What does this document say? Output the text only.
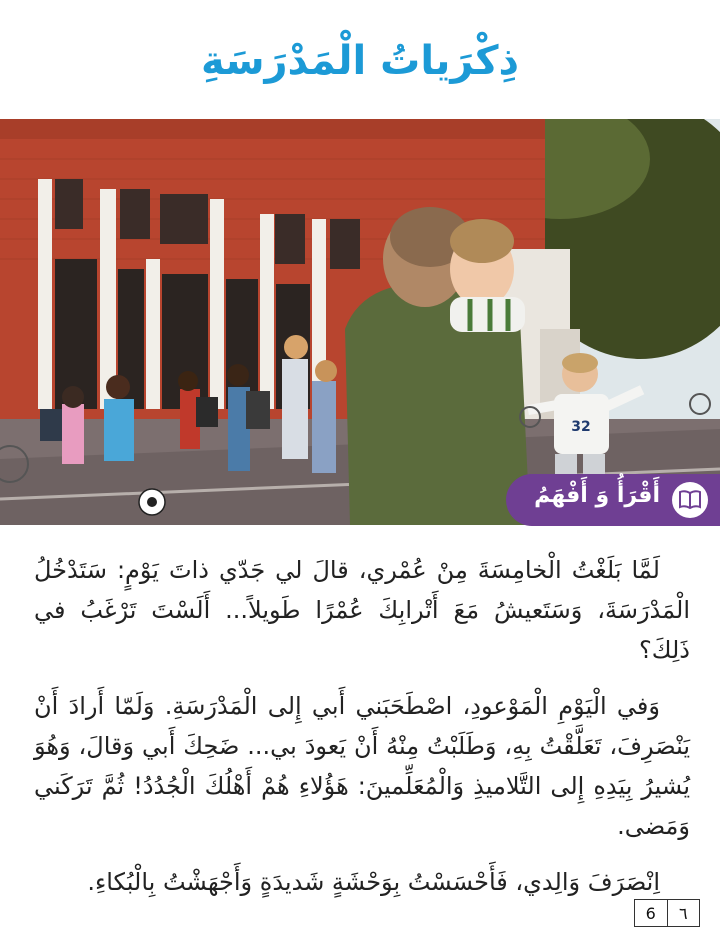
ذِكْرَياتُ الْمَدْرَسَةِ
32
أَقْرَأُ وَ أَفْهَمُ

لَمَّا بَلَغْتُ الْخامِسَةَ مِنْ عُمْري، قالَ لي جَدّي ذاتَ يَوْمٍ: سَتَدْخُلُ الْمَدْرَسَةَ، وَسَتَعيشُ مَعَ أَتْرابِكَ عُمْرًا طَويلاً... أَلَسْتَ تَرْغَبُ في ذَلِكَ؟

وَفي الْيَوْمِ الْمَوْعودِ، اصْطَحَبَني أَبي إِلى الْمَدْرَسَةِ. وَلَمّا أَرادَ أَنْ يَنْصَرِفَ، تَعَلَّقْتُ بِهِ، وَطَلَبْتُ مِنْهُ أَنْ يَعودَ بي... ضَحِكَ أَبي وَقالَ، وَهُوَ يُشيرُ بِيَدِهِ إِلى التَّلاميذِ وَالْمُعَلِّمينَ: هَؤُلاءِ هُمْ أَهْلُكَ الْجُدُدُ! ثُمَّ تَرَكَني وَمَضى.

اِنْصَرَفَ وَالِدي، فَأَحْسَسْتُ بِوَحْشَةٍ شَديدَةٍ وَأَجْهَشْتُ بِالْبُكاءِ.

6	٦
